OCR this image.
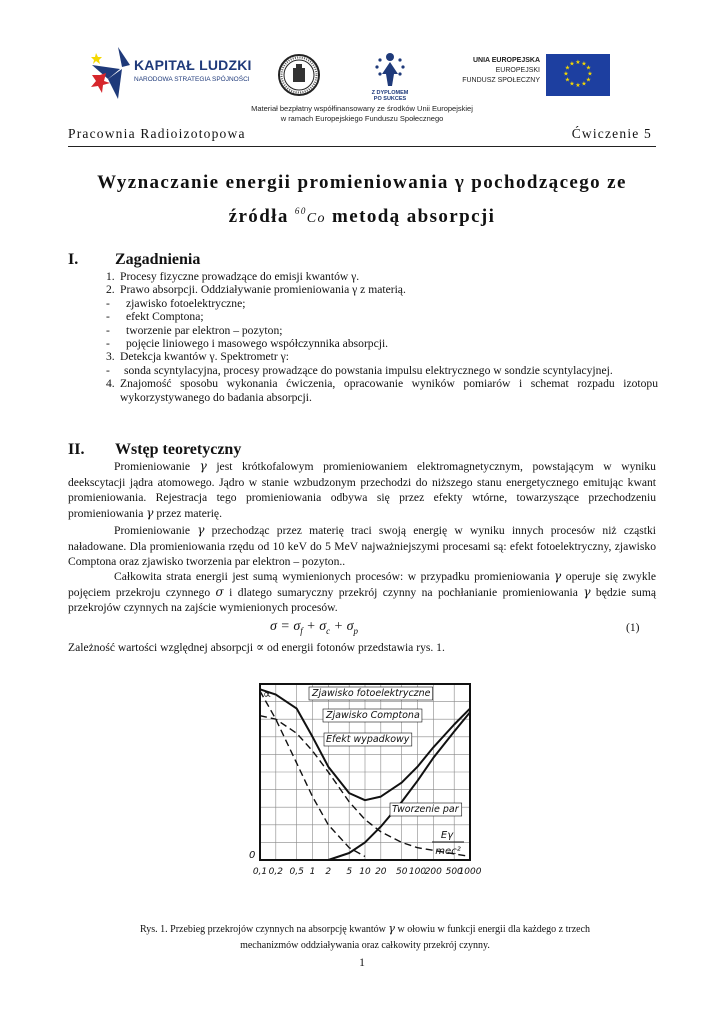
KAPITAŁ LUDZKI
NARODOWA STRATEGIA SPÓJNOŚCI
Z DYPLOMEM
PO SUKCES
UNIA EUROPEJSKA
EUROPEJSKI
FUNDUSZ SPOŁECZNY
★ ★
★
★
★
★
★
★
★
★
★
★
Materiał bezpłatny współfinansowany ze środków Unii Europejskiej
w ramach Europejskiego Funduszu Społecznego
Pracownia Radioizotopowa	Ćwiczenie 5
Wyznaczanie energii promieniowania γ pochodzącego ze
źródła $^{60}$Co metodą absorpcji
I. Zagadnienia
1. Procesy fizyczne prowadzące do emisji kwantów γ.
2. Prawo absorpcji. Oddziaływanie promieniowania γ z materią.
- zjawisko fotoelektryczne;
- efekt Comptona;
- tworzenie par elektron – pozyton;
- pojęcie liniowego i masowego współczynnika absorpcji.
3. Detekcja kwantów γ. Spektrometr γ:
- sonda scyntylacyjna, procesy prowadzące do powstania impulsu elektrycznego w sondzie scyntylacyjnej.
4. Znajomość sposobu wykonania ćwiczenia, opracowanie wyników pomiarów i schemat rozpadu izotopu wykorzystywanego do badania absorpcji.
II. Wstęp teoretyczny

Promieniowanie γ jest krótkofalowym promieniowaniem elektromagnetycznym, powstającym w wyniku deekscytacji jądra atomowego. Jądro w stanie wzbudzonym przechodzi do niższego stanu energetycznego emitując kwant promieniowania. Rejestracja tego promieniowania odbywa się przez efekty wtórne, towarzyszące przechodzeniu promieniowania γ przez materię.

Promieniowanie γ przechodząc przez materię traci swoją energię w wyniku innych procesów niż cząstki naładowane. Dla promieniowania rzędu od 10 keV do 5 MeV najważniejszymi procesami są: efekt fotoelektryczny, zjawisko Comptona oraz zjawisko tworzenia par elektron – pozyton..

Całkowita strata energii jest sumą wymienionych procesów: w przypadku promieniowania γ operuje się zwykle pojęciem przekroju czynnego σ i dlatego sumaryczny przekrój czynny na pochłanianie promieniowania γ będzie sumą przekrojów czynnych na zajście wymienionych procesów.

$\sigma = \sigma_f + \sigma_c + \sigma_p$	(1)
Zależność wartości względnej absorpcji ∝ od energii fotonów przedstawia rys. 1.
Zjawisko fotoelektryczne
Zjawisko Comptona
Efekt wypadkowy
Tworzenie par
∝
0
Eγ
mec²
0,1 0,2 0,5 1 2 5 10 20 50 100
200 500
1000
Rys. 1. Przebieg przekrojów czynnych na absorpcję kwantów γ w ołowiu w funkcji energii dla każdego z trzech
mechanizmów oddziaływania oraz całkowity przekrój czynny.
1
